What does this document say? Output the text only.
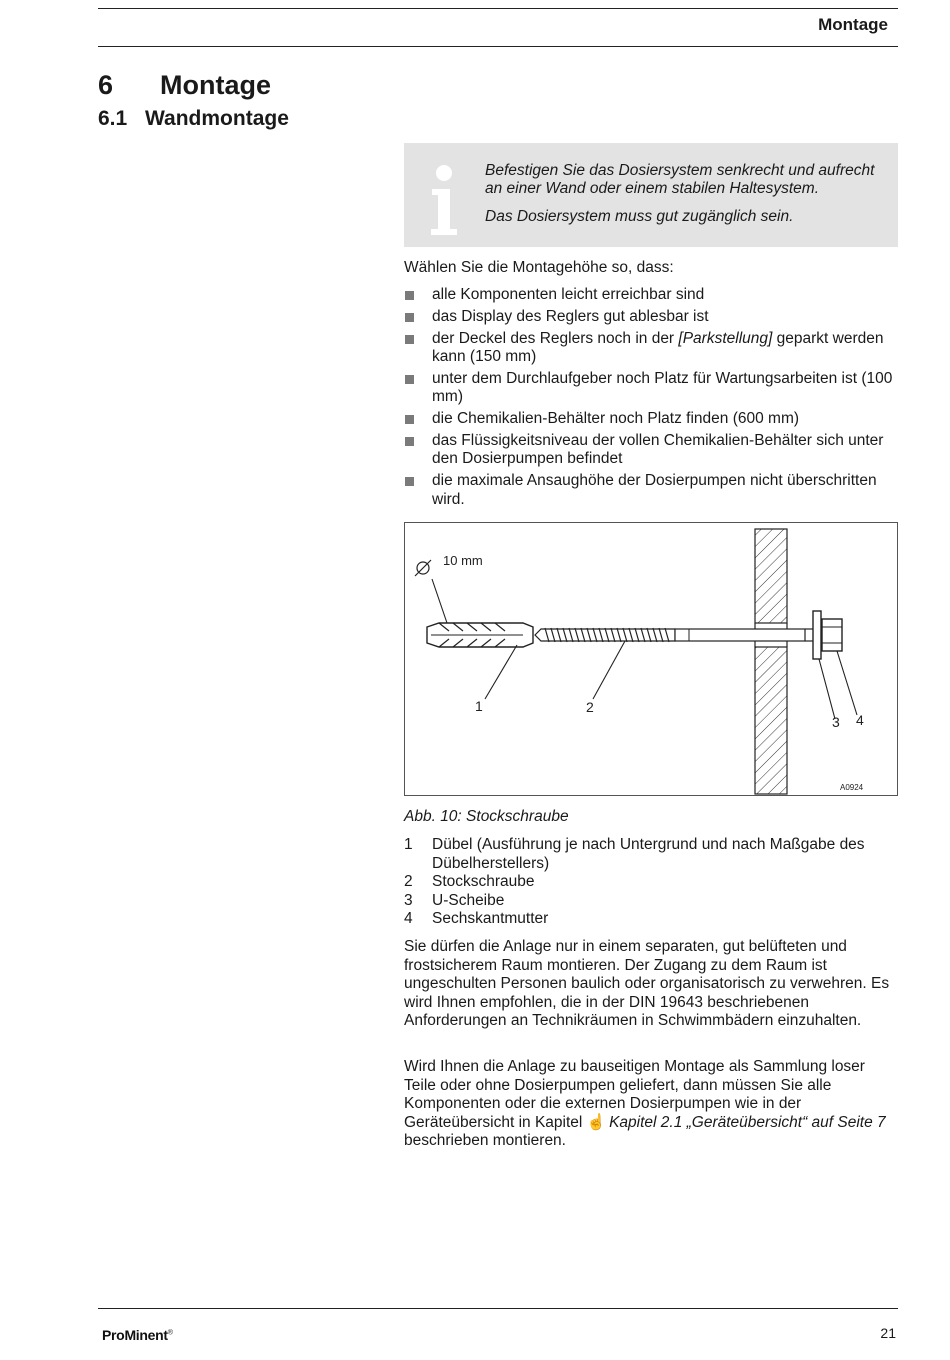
Montage
6 Montage
6.1 Wandmontage

Befestigen Sie das Dosiersystem senkrecht und aufrecht an einer Wand oder einem stabilen Haltesystem.

Das Dosiersystem muss gut zugänglich sein.

Wählen Sie die Montagehöhe so, dass:

alle Komponenten leicht erreichbar sind
das Display des Reglers gut ablesbar ist
der Deckel des Reglers noch in der [Parkstellung] geparkt werden kann (150 mm)
unter dem Durchlaufgeber noch Platz für Wartungsarbeiten ist (100 mm)
die Chemikalien-Behälter noch Platz finden (600 mm)
das Flüssigkeitsniveau der vollen Chemikalien-Behälter sich unter den Dosierpumpen befindet
die maximale Ansaughöhe der Dosierpumpen nicht überschritten wird.
10 mm
1	2
3 4
A0924
Abb. 10: Stockschraube
1 Dübel (Ausführung je nach Untergrund und nach Maßgabe des Dübelherstellers)
2 Stockschraube
3 U-Scheibe
4 Sechskantmutter

Sie dürfen die Anlage nur in einem separaten, gut belüfteten und frostsicherem Raum montieren. Der Zugang zu dem Raum ist ungeschulten Personen baulich oder organisatorisch zu verwehren. Es wird Ihnen empfohlen, die in der DIN 19643 beschriebenen Anforderungen an Technikräumen in Schwimmbädern einzuhalten.

Wird Ihnen die Anlage zu bauseitigen Montage als Sammlung loser Teile oder ohne Dosierpumpen geliefert, dann müssen Sie alle Komponenten oder die externen Dosierpumpen wie in der Geräteübersicht in Kapitel ☝  Kapitel 2.1 „Geräteübersicht“ auf Seite 7 beschrieben montieren.

ProMinent®	21
